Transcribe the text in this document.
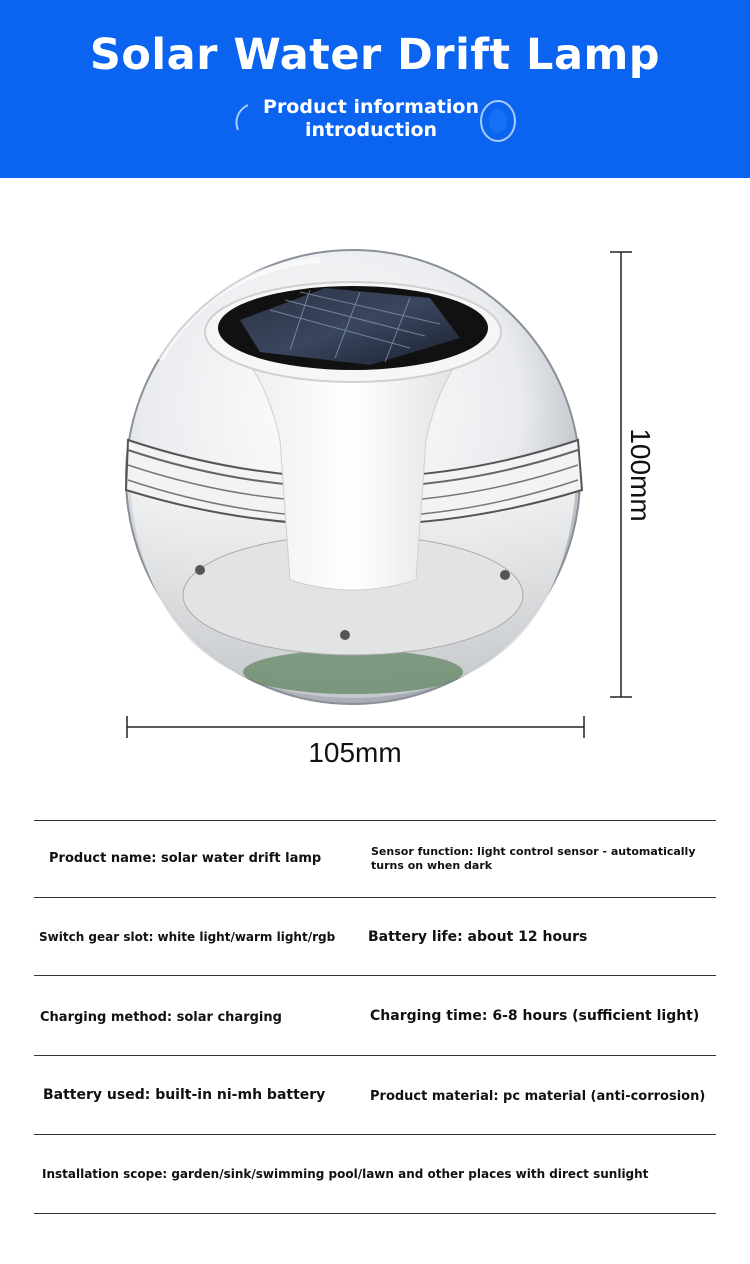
Solar Water Drift Lamp
Product information introduction
105mm
100mm
Product name: solar water drift lamp	Sensor function: light control sensor - automatically turns on when dark
Switch gear slot: white light/warm light/rgb Battery life: about 12 hours
Charging method: solar charging	Charging time: 6-8 hours (sufficient light)
Battery used: built-in ni-mh battery	Product material: pc material (anti-corrosion)
Installation scope: garden/sink/swimming pool/lawn and other places with direct sunlight
